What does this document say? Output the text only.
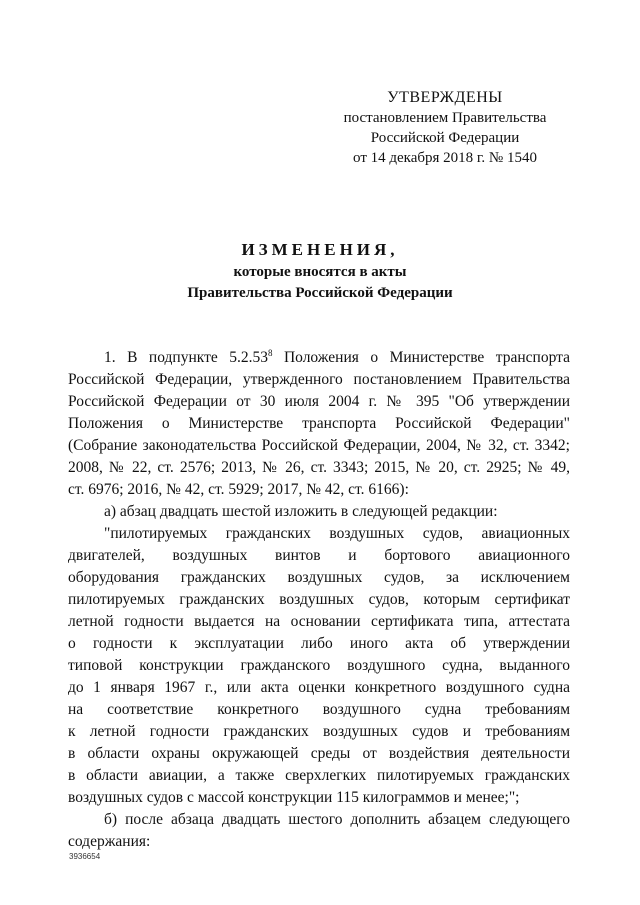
УТВЕРЖДЕНЫ
постановлением Правительства
Российской Федерации
от 14 декабря 2018 г. № 1540
ИЗМЕНЕНИЯ,
которые вносятся в акты
Правительства Российской Федерации
1. В подпункте 5.2.53$^8$ Положения о Министерстве транспорта
Российской Федерации, утвержденного постановлением Правительства
Российской Федерации от 30 июля 2004 г. № 395 "Об утверждении
Положения о Министерстве транспорта Российской Федерации"
(Собрание законодательства Российской Федерации, 2004, № 32, ст. 3342;
2008, № 22, ст. 2576; 2013, № 26, ст. 3343; 2015, № 20, ст. 2925; № 49,
ст. 6976; 2016, № 42, ст. 5929; 2017, № 42, ст. 6166):
а) абзац двадцать шестой изложить в следующей редакции:
"пилотируемых гражданских воздушных судов, авиационных
двигателей, воздушных винтов и бортового авиационного
оборудования гражданских воздушных судов, за исключением
пилотируемых гражданских воздушных судов, которым сертификат
летной годности выдается на основании сертификата типа, аттестата
о годности к эксплуатации либо иного акта об утверждении
типовой конструкции гражданского воздушного судна, выданного
до 1 января 1967 г., или акта оценки конкретного воздушного судна
на соответствие конкретного воздушного судна требованиям
к летной годности гражданских воздушных судов и требованиям
в области охраны окружающей среды от воздействия деятельности
в области авиации, а также сверхлегких пилотируемых гражданских
воздушных судов с массой конструкции 115 килограммов и менее;";
б) после абзаца двадцать шестого дополнить абзацем следующего
содержания:
3936654
